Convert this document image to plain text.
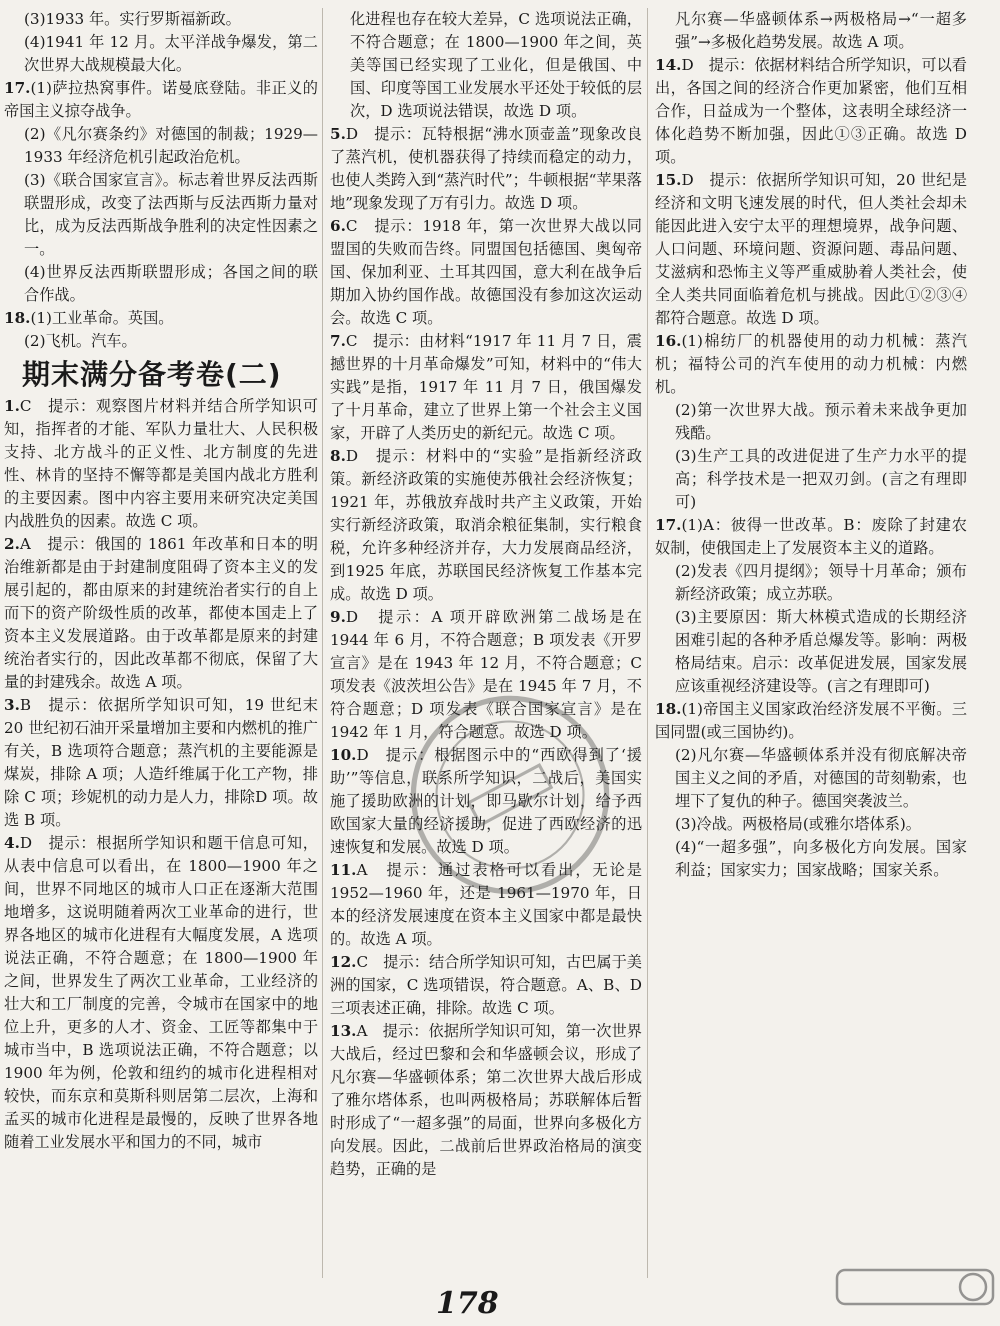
(3)1933 年。实行罗斯福新政。

(4)1941 年 12 月。太平洋战争爆发，第二次世界大战规模最大化。

17.(1)萨拉热窝事件。诺曼底登陆。非正义的帝国主义掠夺战争。

(2)《凡尔赛条约》对德国的制裁；1929—1933 年经济危机引起政治危机。

(3)《联合国家宣言》。标志着世界反法西斯联盟形成，改变了法西斯与反法西斯力量对比，成为反法西斯战争胜利的决定性因素之一。

(4)世界反法西斯联盟形成；各国之间的联合作战。

18.(1)工业革命。英国。

(2)飞机。汽车。

期末满分备考卷(二)

1.C　提示：观察图片材料并结合所学知识可知，指挥者的才能、军队力量壮大、人民积极支持、北方战斗的正义性、北方制度的先进性、林肯的坚持不懈等都是美国内战北方胜利的主要因素。图中内容主要用来研究决定美国内战胜负的因素。故选 C 项。

2.A　提示：俄国的 1861 年改革和日本的明治维新都是由于封建制度阻碍了资本主义的发展引起的，都由原来的封建统治者实行的自上而下的资产阶级性质的改革，都使本国走上了资本主义发展道路。由于改革都是原来的封建统治者实行的，因此改革都不彻底，保留了大量的封建残余。故选 A 项。

3.B　提示：依据所学知识可知，19 世纪末 20 世纪初石油开采量增加主要和内燃机的推广有关，B 选项符合题意；蒸汽机的主要能源是煤炭，排除 A 项；人造纤维属于化工产物，排除 C 项；珍妮机的动力是人力，排除D 项。故选 B 项。

4.D　提示：根据所学知识和题干信息可知，从表中信息可以看出，在 1800—1900 年之间，世界不同地区的城市人口正在逐渐大范围地增多，这说明随着两次工业革命的进行，世界各地区的城市化进程有大幅度发展，A 选项说法正确，不符合题意；在 1800—1900 年之间，世界发生了两次工业革命，工业经济的壮大和工厂制度的完善，令城市在国家中的地位上升，更多的人才、资金、工匠等都集中于城市当中，B 选项说法正确，不符合题意；以 1900 年为例，伦敦和纽约的城市化进程相对较快，而东京和莫斯科则居第二层次，上海和孟买的城市化进程是最慢的，反映了世界各地随着工业发展水平和国力的不同，城市

化进程也存在较大差异，C 选项说法正确，不符合题意；在 1800—1900 年之间，英美等国已经实现了工业化，但是俄国、中国、印度等国工业发展水平还处于较低的层次，D 选项说法错误，故选 D 项。

5.D　提示：瓦特根据“沸水顶壶盖”现象改良了蒸汽机，使机器获得了持续而稳定的动力，也使人类跨入到“蒸汽时代”；牛顿根据“苹果落地”现象发现了万有引力。故选 D 项。

6.C　提示：1918 年，第一次世界大战以同盟国的失败而告终。同盟国包括德国、奥匈帝国、保加利亚、土耳其四国，意大利在战争后期加入协约国作战。故德国没有参加这次运动会。故选 C 项。

7.C　提示：由材料“1917 年 11 月 7 日，震撼世界的十月革命爆发”可知，材料中的“伟大实践”是指，1917 年 11 月 7 日，俄国爆发了十月革命，建立了世界上第一个社会主义国家，开辟了人类历史的新纪元。故选 C 项。

8.D　提示：材料中的“实验”是指新经济政策。新经济政策的实施使苏俄社会经济恢复；1921 年，苏俄放弃战时共产主义政策，开始实行新经济政策，取消余粮征集制，实行粮食税，允许多种经济并存，大力发展商品经济，到1925 年底，苏联国民经济恢复工作基本完成。故选 D 项。

9.D　提示：A 项开辟欧洲第二战场是在 1944 年 6 月，不符合题意；B 项发表《开罗宣言》是在 1943 年 12 月，不符合题意；C 项发表《波茨坦公告》是在 1945 年 7 月，不符合题意；D 项发表《联合国家宣言》是在 1942 年 1 月，符合题意。故选 D 项。

10.D　提示：根据图示中的“西欧得到了‘援助’”等信息，联系所学知识，二战后，美国实施了援助欧洲的计划，即马歇尔计划，给予西欧国家大量的经济援助，促进了西欧经济的迅速恢复和发展。故选 D 项。

11.A　提示：通过表格可以看出，无论是 1952—1960 年，还是 1961—1970 年，日本的经济发展速度在资本主义国家中都是最快的。故选 A 项。

12.C　提示：结合所学知识可知，古巴属于美洲的国家，C 选项错误，符合题意。A、B、D 三项表述正确，排除。故选 C 项。

13.A　提示：依据所学知识可知，第一次世界大战后，经过巴黎和会和华盛顿会议，形成了凡尔赛—华盛顿体系；第二次世界大战后形成了雅尔塔体系，也叫两极格局；苏联解体后暂时形成了“一超多强”的局面，世界向多极化方向发展。因此，二战前后世界政治格局的演变趋势，正确的是

凡尔赛—华盛顿体系→两极格局→“一超多强”→多极化趋势发展。故选 A 项。

14.D　提示：依据材料结合所学知识，可以看出，各国之间的经济合作更加紧密，他们互相合作，日益成为一个整体，这表明全球经济一体化趋势不断加强，因此①③正确。故选 D 项。

15.D　提示：依据所学知识可知，20 世纪是经济和文明飞速发展的时代，但人类社会却未能因此进入安宁太平的理想境界，战争问题、人口问题、环境问题、资源问题、毒品问题、艾滋病和恐怖主义等严重威胁着人类社会，使全人类共同面临着危机与挑战。因此①②③④都符合题意。故选 D 项。

16.(1)棉纺厂的机器使用的动力机械：蒸汽机；福特公司的汽车使用的动力机械：内燃机。

(2)第一次世界大战。预示着未来战争更加残酷。

(3)生产工具的改进促进了生产力水平的提高；科学技术是一把双刃剑。(言之有理即可)

17.(1)A：彼得一世改革。B：废除了封建农奴制，使俄国走上了发展资本主义的道路。

(2)发表《四月提纲》；领导十月革命；颁布新经济政策；成立苏联。

(3)主要原因：斯大林模式造成的长期经济困难引起的各种矛盾总爆发等。影响：两极格局结束。启示：改革促进发展，国家发展应该重视经济建设等。(言之有理即可)

18.(1)帝国主义国家政治经济发展不平衡。三国同盟(或三国协约)。

(2)凡尔赛—华盛顿体系并没有彻底解决帝国主义之间的矛盾，对德国的苛刻勒索，也埋下了复仇的种子。德国突袭波兰。

(3)冷战。两极格局(或雅尔塔体系)。

(4)“一超多强”，向多极化方向发展。国家利益；国家实力；国家战略；国家关系。

178
